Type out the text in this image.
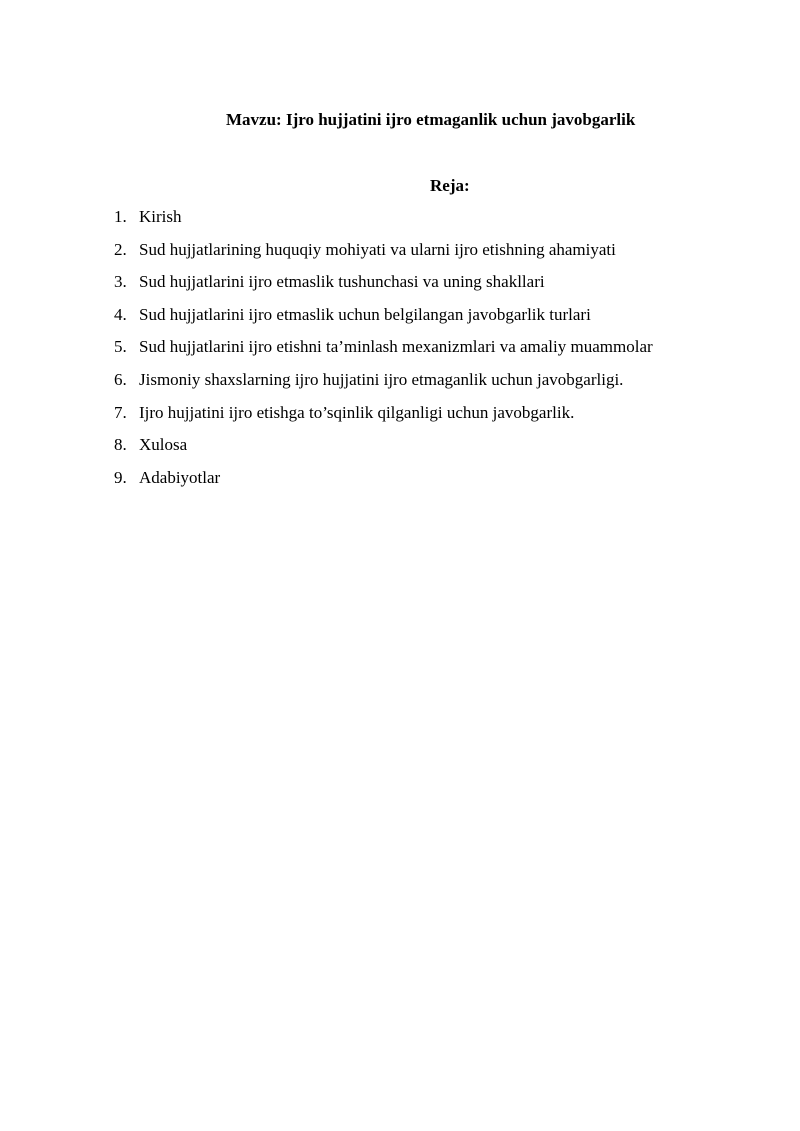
Mavzu: Ijro hujjatini ijro etmaganlik uchun javobgarlik
Reja:
1. Kirish
2. Sud hujjatlarining huquqiy mohiyati va ularni ijro etishning ahamiyati
3. Sud hujjatlarini ijro etmaslik tushunchasi va uning shakllari
4. Sud hujjatlarini ijro etmaslik uchun belgilangan javobgarlik turlari
5. Sud hujjatlarini ijro etishni ta’minlash mexanizmlari va amaliy muammolar
6. Jismoniy shaxslarning ijro hujjatini ijro etmaganlik uchun javobgarligi.
7. Ijro hujjatini ijro etishga to’sqinlik qilganligi uchun javobgarlik.
8. Xulosa
9. Adabiyotlar
